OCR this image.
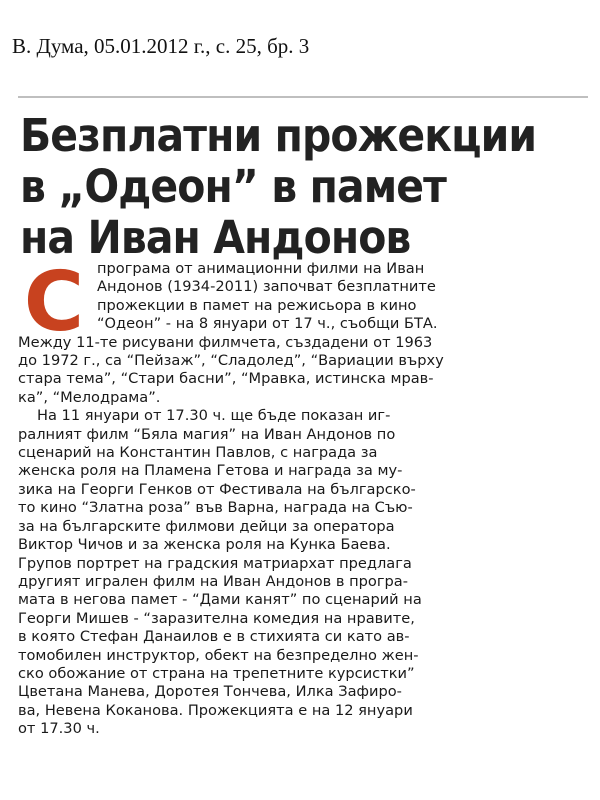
В. Дума, 05.01.2012 г., с. 25, бр. 3
Безплатни прожекции
в „Одеон” в памет
на Иван Андонов
С програма от анимационни филми на Иван
Андонов (1934-2011) започват безплатните
прожекции в памет на режисьора в кино
“Одеон” - на 8 януари от 17 ч., съобщи БТА.
Между 11-те рисувани филмчета, създадени от 1963
до 1972 г., са “Пейзаж”, “Сладолед”, “Вариации върху
стара тема”, “Стари басни”, “Мравка, истинска мрав-
ка”, “Мелодрама”.
На 11 януари от 17.30 ч. ще бъде показан иг-
ралният филм “Бяла магия” на Иван Андонов по
сценарий на Константин Павлов, с награда за
женска роля на Пламена Гетова и награда за му-
зика на Георги Генков от Фестивала на българско-
то кино “Златна роза” във Варна, награда на Съю-
за на българските филмови дейци за оператора
Виктор Чичов и за женска роля на Кунка Баева.
Групов портрет на градския матриархат предлага
другият игрален филм на Иван Андонов в програ-
мата в негова памет - “Дами канят” по сценарий на
Георги Мишев - “заразителна комедия на нравите,
в която Стефан Данаилов е в стихията си като ав-
томобилен инструктор, обект на безпределно жен-
ско обожание от страна на трепетните курсистки”
Цветана Манева, Доротея Тончева, Илка Зафиро-
ва, Невена Коканова. Прожекцията е на 12 януари
от 17.30 ч.
